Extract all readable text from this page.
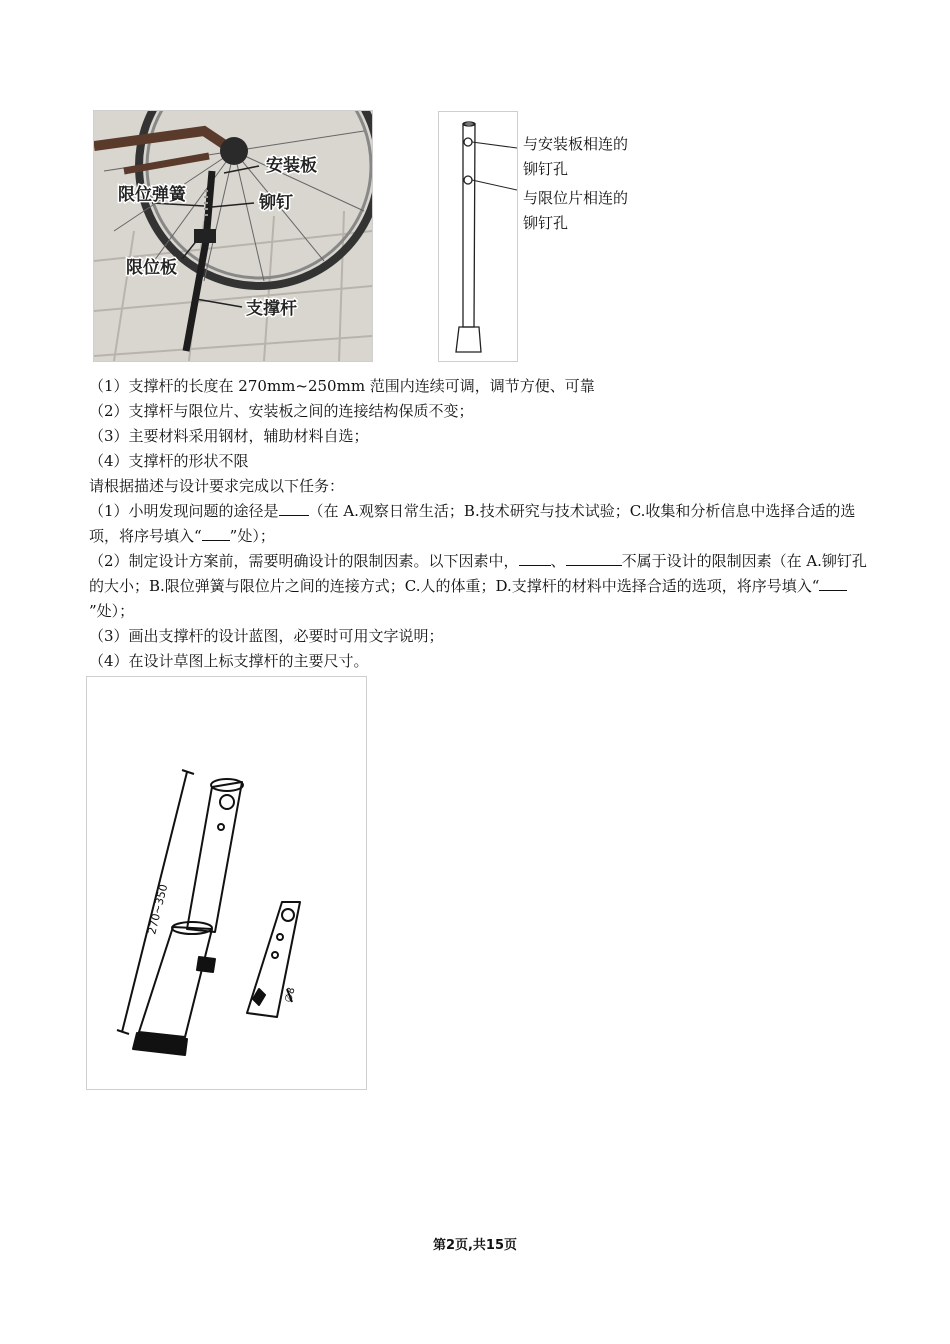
安装板
铆钉
限位弹簧
限位板
支撑杆
与安装板相连的铆钉孔
与限位片相连的铆钉孔
（1）支撑杆的长度在 270mm~250mm 范围内连续可调，调节方便、可靠
（2）支撑杆与限位片、安装板之间的连接结构保质不变；
（3）主要材料采用钢材，辅助材料自选；
（4）支撑杆的形状不限
请根据描述与设计要求完成以下任务：
（1）小明发现问题的途径是 （在 A.观察日常生活；B.技术研究与技术试验；C.收集和分析信息中选择合适的选项，将序号填入“ ”处）；
（2）制定设计方案前，需要明确设计的限制因素。以下因素中， 、	不属于设计的限制因素（在 A.铆钉孔的大小；B.限位弹簧与限位片之间的连接方式；C.人的体重；D.支撑杆的材料中选择合适的选项，将序号填入“”处）；
（3）画出支撑杆的设计蓝图，必要时可用文字说明；
（4）在设计草图上标支撑杆的主要尺寸。
270~350
∅8
第2页,共15页
